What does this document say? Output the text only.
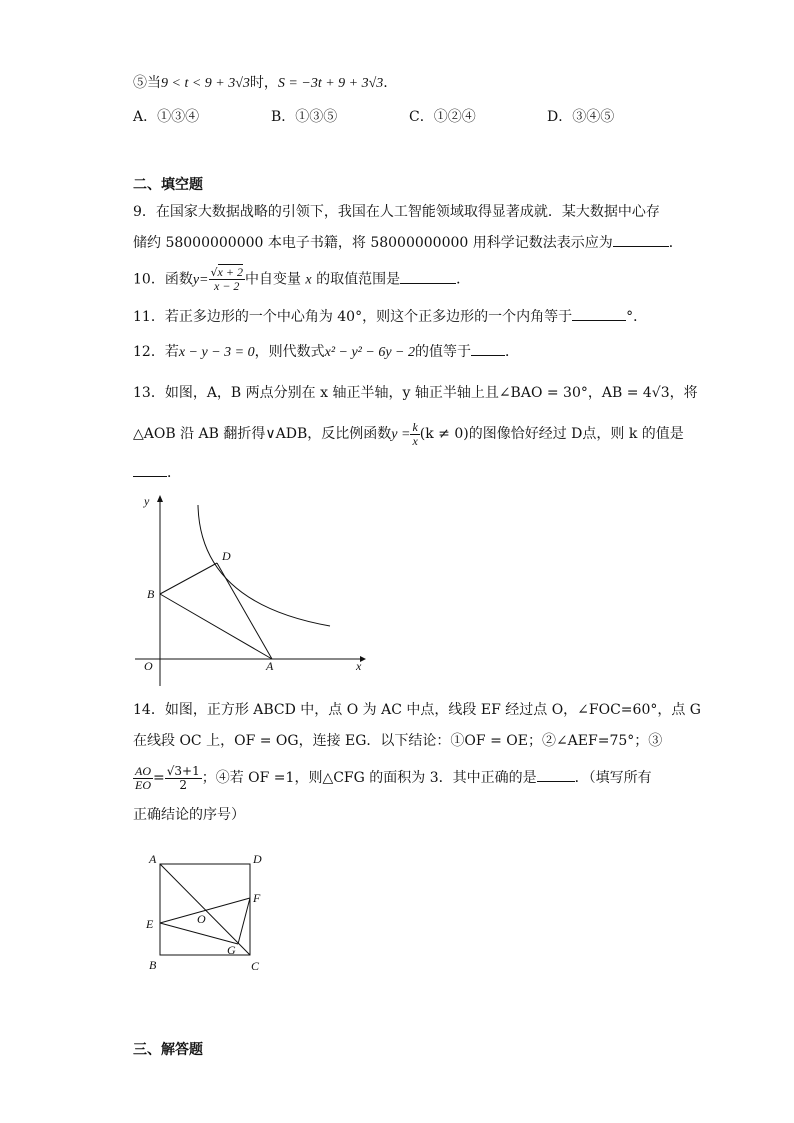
⑤当9 < t < 9 + 3√3时，S = −3t + 9 + 3√3.
A．①③④	B．①③⑤	C．①②④	D．③④⑤
二、填空题
9．在国家大数据战略的引领下，我国在人工智能领域取得显著成就．某大数据中心存
储约 58000000000 本电子书籍，将 58000000000 用科学记数法表示应为	．
10．函数$y= \frac{√x + 2}{x - 2}$ 中自变量 x 的取值范围是	．
11．若正多边形的一个中心角为 40°，则这个正多边形的一个内角等于	°．
12．若x − y − 3 = 0，则代数式x² − y² − 6y − 2的值等于 ．
13．如图，A，B 两点分别在 x 轴正半轴，y 轴正半轴上且∠BAO = 30°，AB = 4√3，将
△AOB 沿 AB 翻折得∨ADB，反比例函数$y = \frac{k}{x} (k \ne 0)$的图像恰好经过 D点，则 k 的值是
．
y
x
O	A
B
D
14．如图，正方形 ABCD 中，点 O 为 AC 中点，线段 EF 经过点 O，∠FOC=60°，点 G
在线段 OC 上，OF = OG，连接 EG．以下结论：①OF = OE；②∠AEF=75°；③
$\frac{AO}{EO} = \frac{√3+1}{2}$ ；④若 OF =1，则△CFG 的面积为 3．其中正确的是	．（填写所有
正确结论的序号）
A	D
B	C
E
F
O
G
三、解答题
